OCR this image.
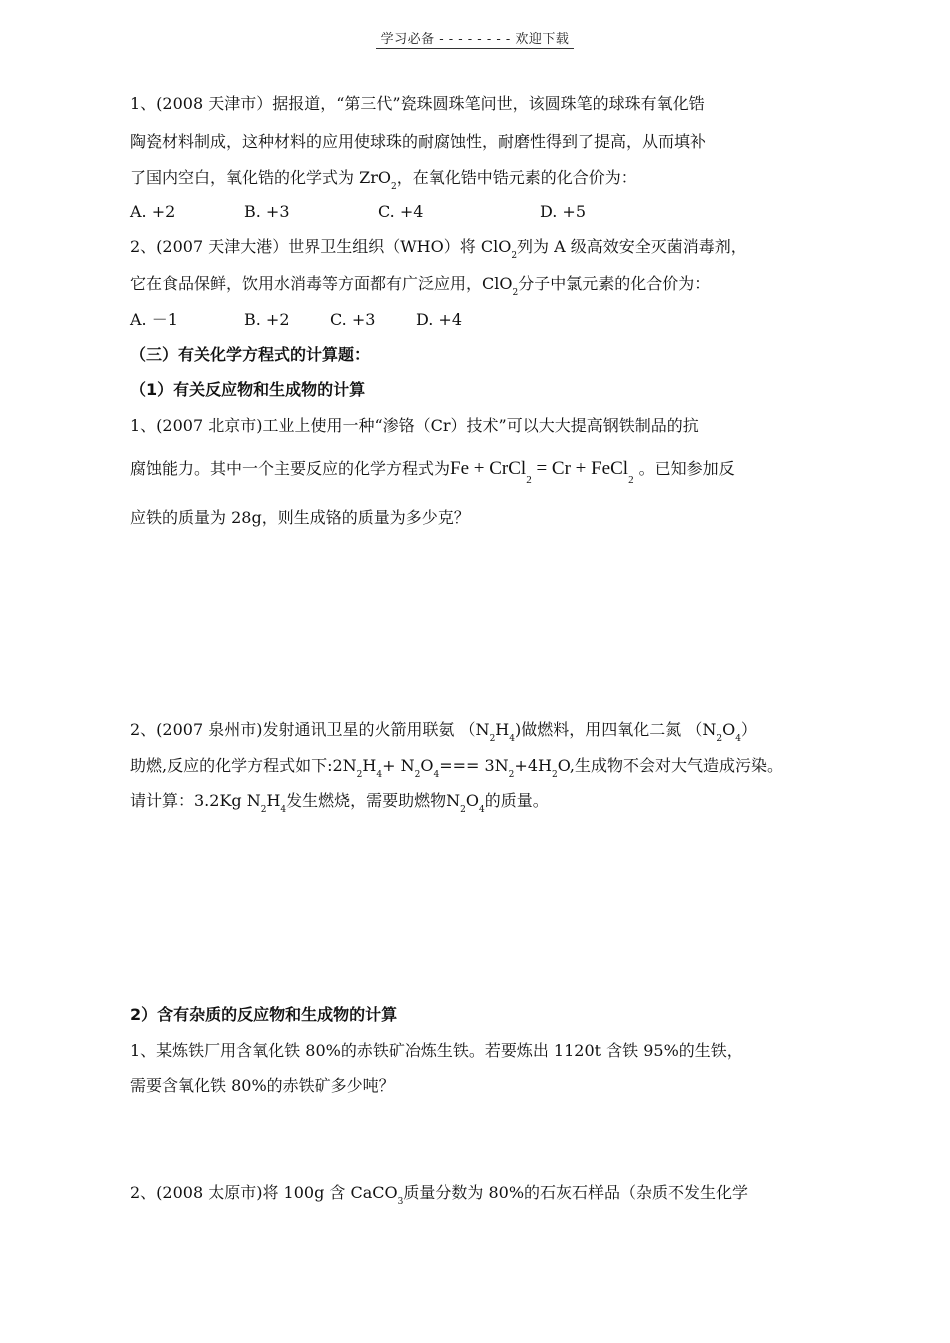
学习必备 - - - - - - - - 欢迎下载
1、(2008 天津市）据报道，“第三代”瓷珠圆珠笔问世，该圆珠笔的球珠有氧化锆
陶瓷材料制成，这种材料的应用使球珠的耐腐蚀性，耐磨性得到了提高，从而填补
了国内空白，氧化锆的化学式为 ZrO$_2$，在氧化锆中锆元素的化合价为：
A. +2	B. +3	C. +4	D. +5
2、(2007 天津大港）世界卫生组织（WHO）将 ClO$_2$列为 A 级高效安全灭菌消毒剂，
它在食品保鲜，饮用水消毒等方面都有广泛应用，ClO$_2$分子中氯元素的化合价为：
A. －1	B. +2	C. +3	D. +4
（三）有关化学方程式的计算题：
（1）有关反应物和生成物的计算
1、(2007 北京市)工业上使用一种“渗铬（Cr）技术”可以大大提高钢铁制品的抗
腐蚀能力。其中一个主要反应的化学方程式为Fe + CrCl$_2$ = Cr + FeCl$_2$ 。已知参加反
应铁的质量为 28g，则生成铬的质量为多少克？
2、(2007 泉州市)发射通讯卫星的火箭用联氨 $(N_2H_4)$做燃料，用四氧化二氮 $(N_2O_4)$
助燃,反应的化学方程式如下$:2N_2H_4+ N_2O_4=== 3N_2+4H_2O$,生成物不会对大气造成污染。
请计算：3.2Kg $N_2H_4$发生燃烧，需要助燃物$N_2O_4$的质量。
2）含有杂质的反应物和生成物的计算
1、某炼铁厂用含氧化铁 80%的赤铁矿冶炼生铁。若要炼出 1120t 含铁 95%的生铁，
需要含氧化铁 80%的赤铁矿多少吨？
2、(2008 太原市)将 100g 含 CaCO$_3$质量分数为 80%的石灰石样品（杂质不发生化学
